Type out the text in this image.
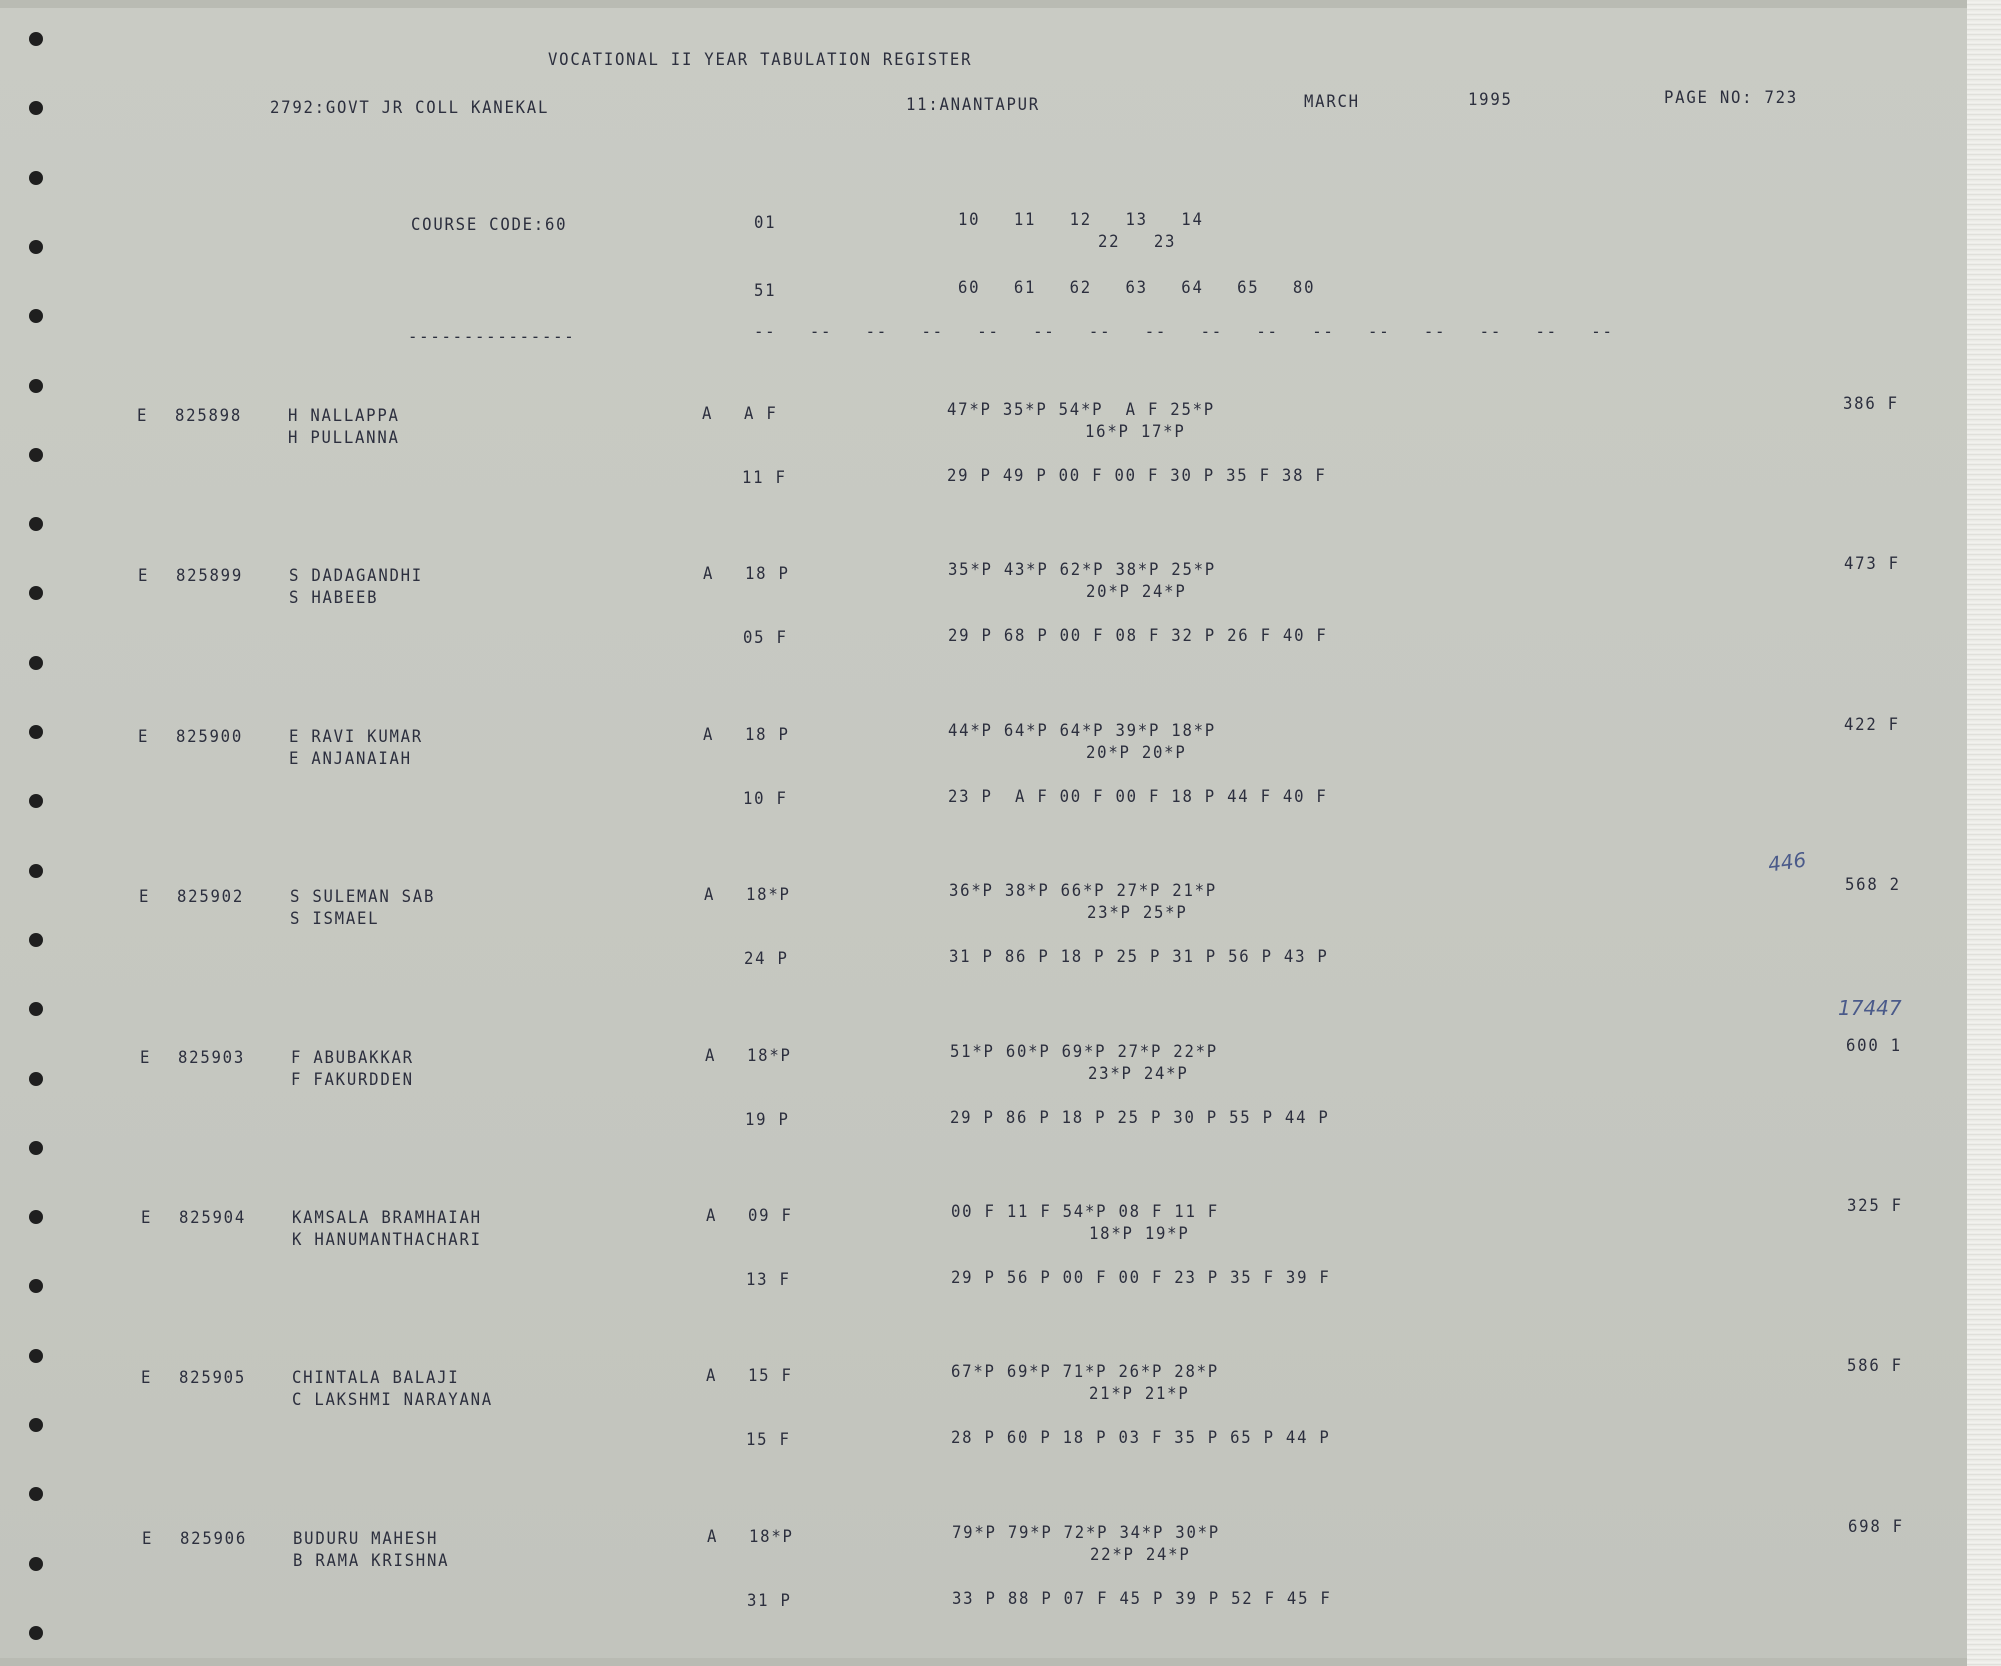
VOCATIONAL II YEAR TABULATION REGISTER
2792:GOVT JR COLL KANEKAL	11:ANANTAPUR	MARCH	1995	PAGE NO: 723
COURSE CODE:60	01	10   11   12   13   14
22   23
51	60   61   62   63   64   65   80
---------------	--   --   --   --   --   --   --   --   --   --   --   --   --   --   --   --
E 825898	H NALLAPPA
H PULLANNA
A A F	47*P 35*P 54*P  A F 25*P
16*P 17*P
11 F	29 P 49 P 00 F 00 F 30 P 35 F 38 F
386 F
E 825899	S DADAGANDHI
S HABEEB
A 18 P	35*P 43*P 62*P 38*P 25*P
20*P 24*P
05 F	29 P 68 P 00 F 08 F 32 P 26 F 40 F
473 F
E 825900	E RAVI KUMAR
E ANJANAIAH
A 18 P	44*P 64*P 64*P 39*P 18*P
20*P 20*P
10 F	23 P  A F 00 F 00 F 18 P 44 F 40 F
422 F
E 825902	S SULEMAN SAB
S ISMAEL
A 18*P	36*P 38*P 66*P 27*P 21*P
23*P 25*P
24 P	31 P 86 P 18 P 25 P 31 P 56 P 43 P
568 2
E 825903	F ABUBAKKAR
F FAKURDDEN
A 18*P	51*P 60*P 69*P 27*P 22*P
23*P 24*P
19 P	29 P 86 P 18 P 25 P 30 P 55 P 44 P
600 1
E 825904	KAMSALA BRAMHAIAH
K HANUMANTHACHARI
A 09 F	00 F 11 F 54*P 08 F 11 F
18*P 19*P
13 F	29 P 56 P 00 F 00 F 23 P 35 F 39 F
325 F
E 825905	CHINTALA BALAJI
C LAKSHMI NARAYANA
A 15 F	67*P 69*P 71*P 26*P 28*P
21*P 21*P
15 F	28 P 60 P 18 P 03 F 35 P 65 P 44 P
586 F
E 825906	BUDURU MAHESH
B RAMA KRISHNA
A 18*P	79*P 79*P 72*P 34*P 30*P
22*P 24*P
31 P	33 P 88 P 07 F 45 P 39 P 52 F 45 F
698 F
446
17447
